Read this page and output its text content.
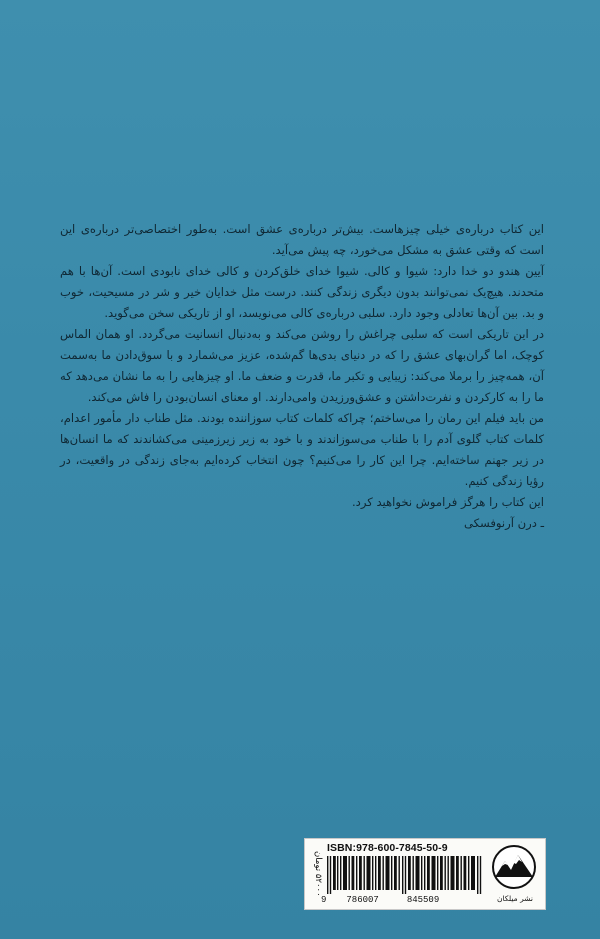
این کتاب درباره‌ی خیلی چیزهاست. بیش‌تر درباره‌ی عشق است. به‌طور اختصاصی‌تر درباره‌ی این است که وقتی عشق به مشکل می‌خورد، چه پیش می‌آید.

آیین هندو دو خدا دارد: شیوا و کالی. شیوا خدای خلق‌کردن و کالی خدای نابودی است. آن‌ها با هم متحدند. هیچ‌یک نمی‌توانند بدون دیگری زندگی کنند. درست مثل خدایان خیر و شر در مسیحیت، خوب و بد. بین آن‌ها تعادلی وجود دارد. سلبی درباره‌ی کالی می‌نویسد، او از تاریکی سخن می‌گوید.

در این تاریکی است که سلبی چراغش را روشن می‌کند و به‌دنبال انسانیت می‌گردد. او همان الماس کوچک، اما گران‌بهای عشق را که در دنیای بدی‌ها گم‌شده، عزیز می‌شمارد و با سوق‌دادن ما به‌سمت آن، همه‌چیز را برملا می‌کند: زیبایی و تکبر ما، قدرت و ضعف ما. او چیزهایی را به ما نشان می‌دهد که ما را به کارکردن و نفرت‌داشتن و عشق‌ورزیدن وامی‌دارند. او معنای انسان‌بودن را فاش می‌کند.

من باید فیلم این رمان را می‌ساختم؛ چراکه کلمات کتاب سوزاننده بودند. مثل طناب دار مأمور اعدام، کلمات کتاب گلوی آدم را با طناب می‌سوزاندند و با خود به زیر زیرزمینی می‌کشاندند که ما انسان‌ها در زیر جهنم ساخته‌ایم. چرا این کار را می‌کنیم؟ چون انتخاب کرده‌ایم به‌جای زندگی در واقعیت، در رؤیا زندگی کنیم.

این کتاب را هرگز فراموش نخواهید کرد.

ـ درن آرنوفسکی

۵۲۰۰۰ تومان
ISBN:978-600-7845-50-9
9 786007	845509	نشر میلکان
